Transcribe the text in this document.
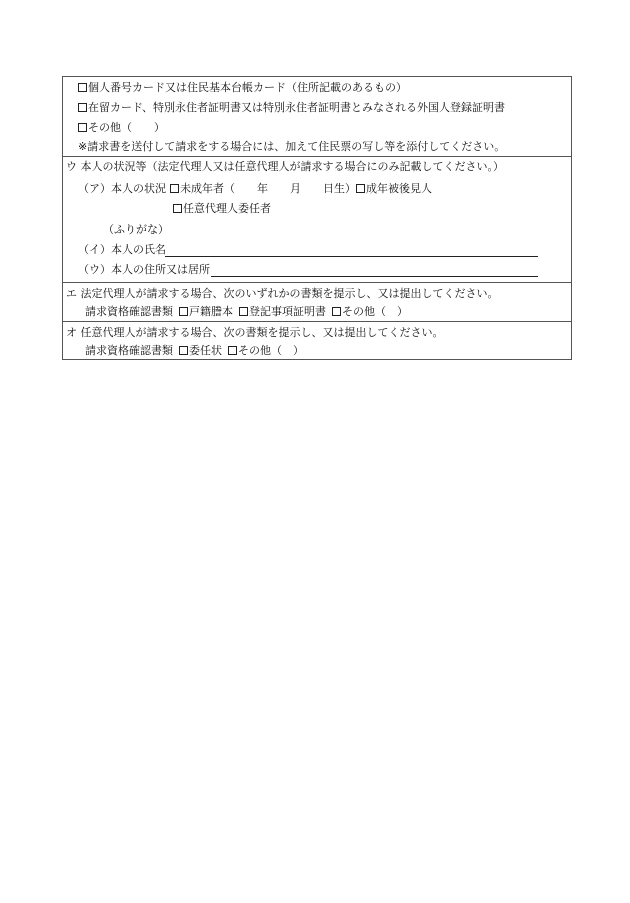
個人番号カード又は住民基本台帳カード（住所記載のあるもの）
在留カード、特別永住者証明書又は特別永住者証明書とみなされる外国人登録証明書
その他（　　）
※請求書を送付して請求をする場合には、加えて住民票の写し等を添付してください。
ウ 本人の状況等（法定代理人又は任意代理人が請求する場合にのみ記載してください。）
（ア）本人の状況 未成年者（　　年　　月　　日生） 成年被後見人
任意代理人委任者
（ふりがな）
（イ）本人の氏名
（ウ）本人の住所又は居所
エ 法定代理人が請求する場合、次のいずれかの書類を提示し、又は提出してください。
請求資格確認書類 戸籍謄本 登記事項証明書 その他（　）
オ 任意代理人が請求する場合、次の書類を提示し、又は提出してください。
請求資格確認書類 委任状 その他（　）
